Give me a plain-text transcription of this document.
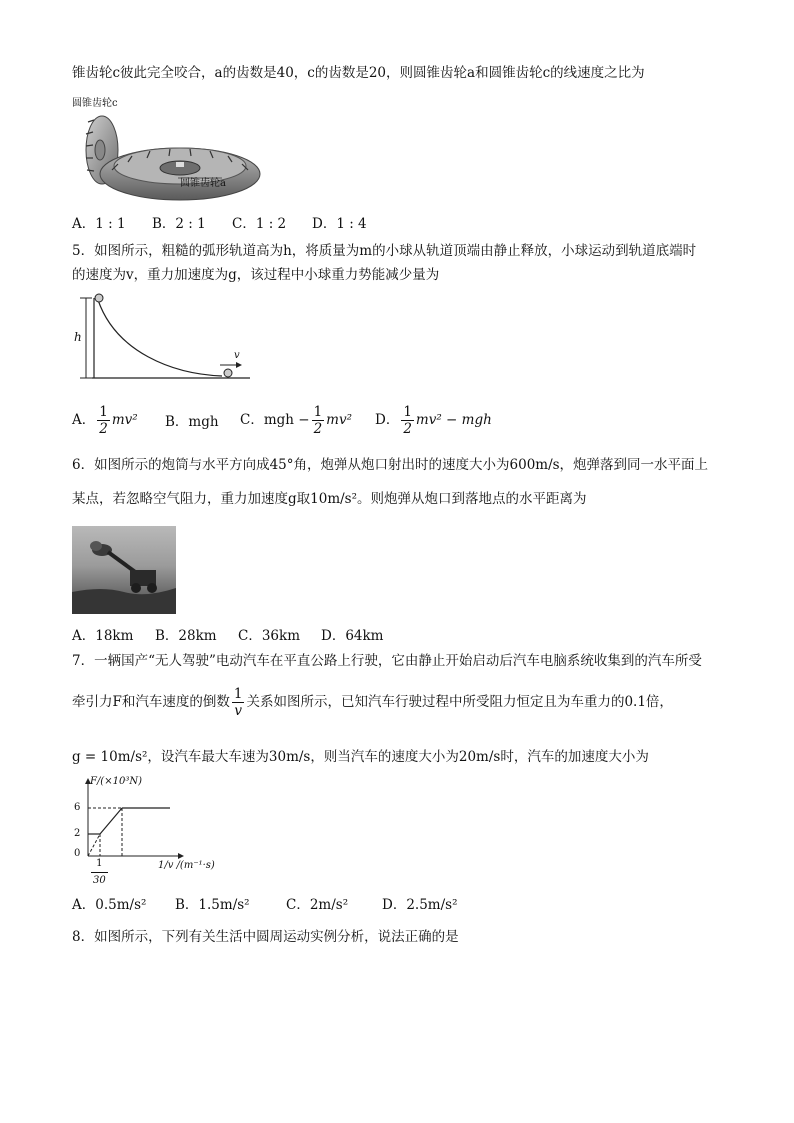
锥齿轮c彼此完全咬合，a的齿数是40，c的齿数是20，则圆锥齿轮a和圆锥齿轮c的线速度之比为
圆锥齿轮c
圆锥齿轮a
A．1 : 1 B．2 : 1 C．1 : 2 D．1 : 4
5．如图所示，粗糙的弧形轨道高为h，将质量为m的小球从轨道顶端由静止释放，小球运动到轨道底端时
的速度为v，重力加速度为g，该过程中小球重力势能减少量为
h
v
A． $\frac{1}{2} mv^2$ B．mgh C．mgh − $\frac{1}{2} mv^2$ D． $\frac{1}{2} mv^2$ − mgh
6．如图所示的炮筒与水平方向成45°角，炮弹从炮口射出时的速度大小为600m/s，炮弹落到同一水平面上
某点，若忽略空气阻力，重力加速度g取10m/s²。则炮弹从炮口到落地点的水平距离为
A．18km B．28km C．36km D．64km
7．一辆国产“无人驾驶”电动汽车在平直公路上行驶，它由静止开始启动后汽车电脑系统收集到的汽车所受
牵引力F和汽车速度的倒数 $\frac{1}{v}$ 关系如图所示，已知汽车行驶过程中所受阻力恒定且为车重力的0.1倍，
g = 10m/s²，设汽车最大车速为30m/s，则当汽车的速度大小为20m/s时，汽车的加速度大小为
F/(×10³N)
6
2
0
$\frac{1}{30}$	1/v /(m⁻¹·s)
A．0.5m/s² B．1.5m/s²	C．2m/s²	D．2.5m/s²
8．如图所示，下列有关生活中圆周运动实例分析，说法正确的是
